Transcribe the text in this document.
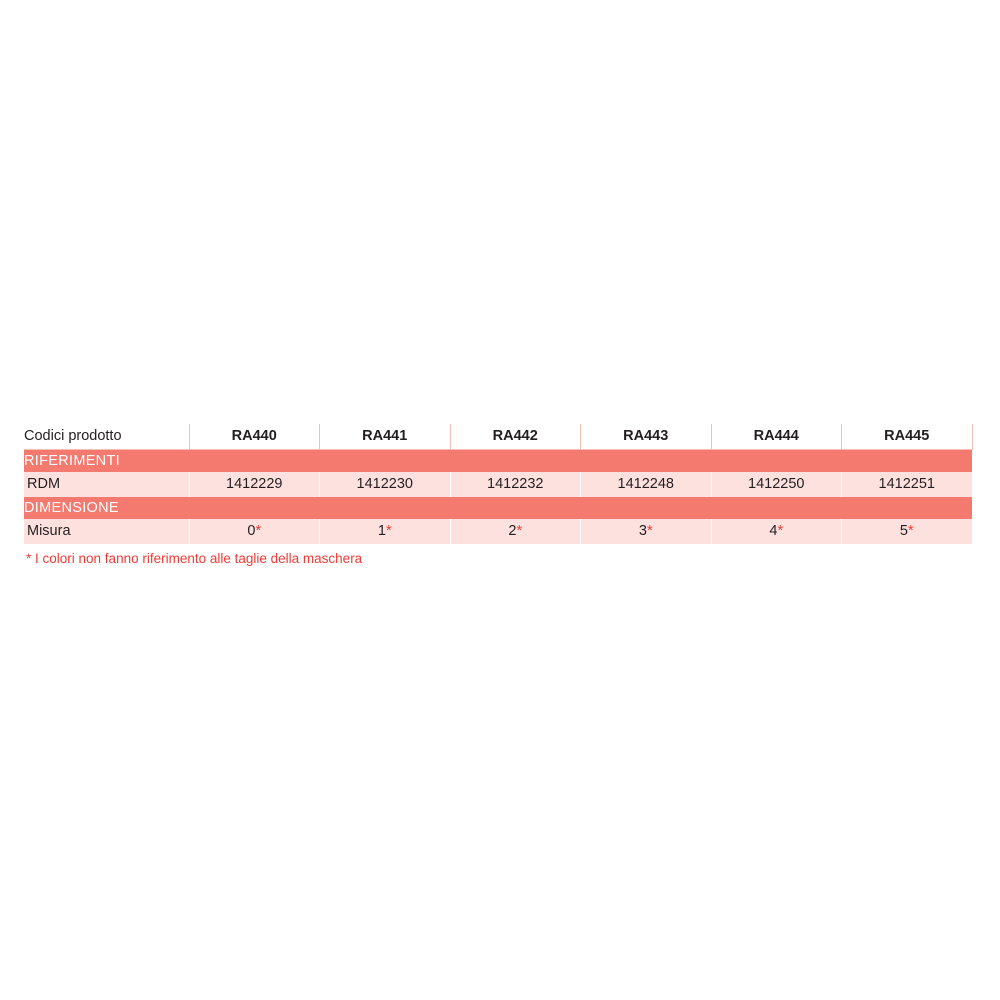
Codici prodotto	RA440	RA441	RA442	RA443	RA444	RA445
RIFERIMENTI						
RDM	1412229	1412230	1412232	1412248	1412250	1412251
DIMENSIONE						
Misura	0*	1*	2*	3*	4*	5*
* I colori non fanno riferimento alle taglie della maschera
